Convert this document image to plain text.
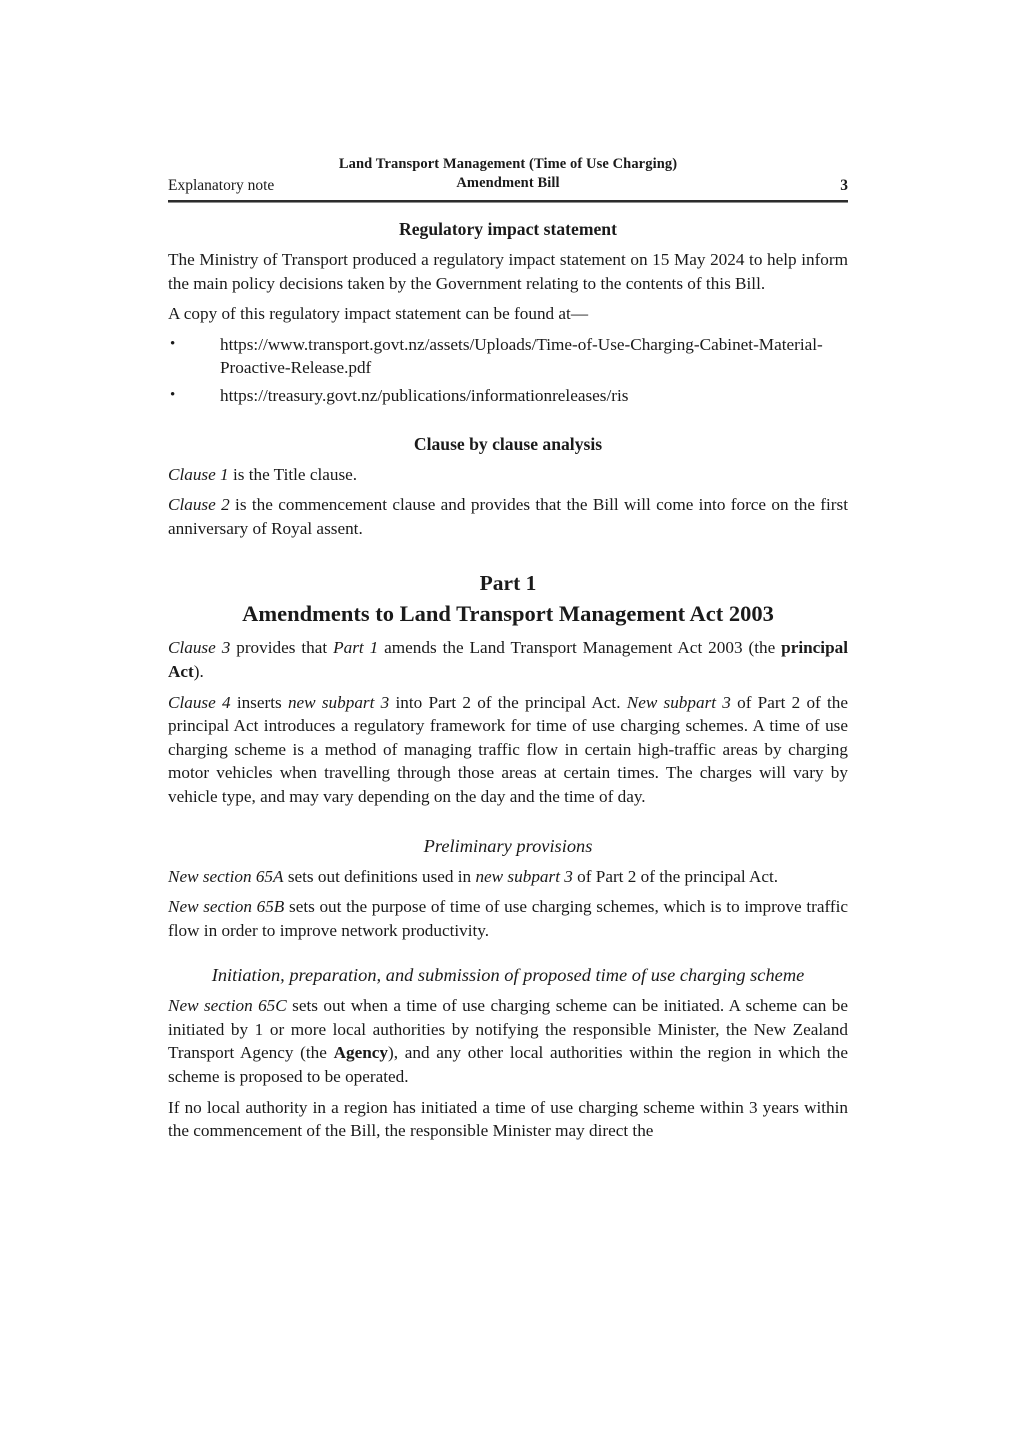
Land Transport Management (Time of Use Charging)
Amendment Bill
Explanatory note	3
Regulatory impact statement

The Ministry of Transport produced a regulatory impact statement on 15 May 2024 to help inform the main policy decisions taken by the Government relating to the contents of this Bill.

A copy of this regulatory impact statement can be found at—

•	https://www.transport.govt.nz/assets/Uploads/Time-of-Use-Charging-Cabinet-Material-Proactive-Release.pdf
•	https://treasury.govt.nz/publications/informationreleases/ris
Clause by clause analysis

Clause 1 is the Title clause.

Clause 2 is the commencement clause and provides that the Bill will come into force on the first anniversary of Royal assent.

Part 1
Amendments to Land Transport Management Act 2003

Clause 3 provides that Part 1 amends the Land Transport Management Act 2003 (the principal Act).

Clause 4 inserts new subpart 3 into Part 2 of the principal Act. New subpart 3 of Part 2 of the principal Act introduces a regulatory framework for time of use charging schemes. A time of use charging scheme is a method of managing traffic flow in certain high-traffic areas by charging motor vehicles when travelling through those areas at certain times. The charges will vary by vehicle type, and may vary depending on the day and the time of day.

Preliminary provisions

New section 65A sets out definitions used in new subpart 3 of Part 2 of the principal Act.

New section 65B sets out the purpose of time of use charging schemes, which is to improve traffic flow in order to improve network productivity.

Initiation, preparation, and submission of proposed time of use charging scheme

New section 65C sets out when a time of use charging scheme can be initiated. A scheme can be initiated by 1 or more local authorities by notifying the responsible Minister, the New Zealand Transport Agency (the Agency), and any other local authorities within the region in which the scheme is proposed to be operated.

If no local authority in a region has initiated a time of use charging scheme within 3 years within the commencement of the Bill, the responsible Minister may direct the
